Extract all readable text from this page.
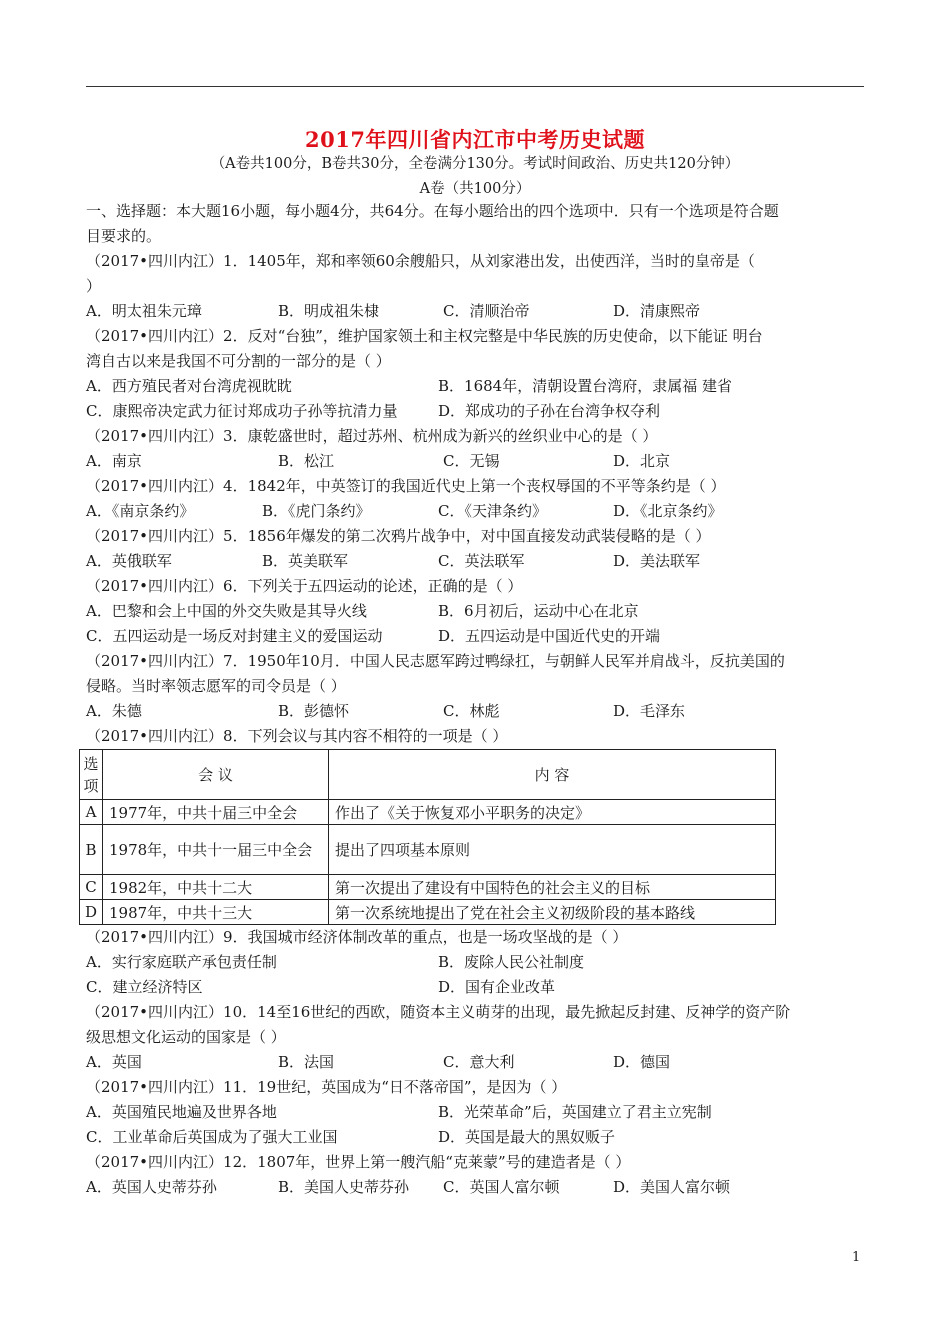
2017年四川省内江市中考历史试题
（A卷共100分，B卷共30分，全卷满分130分。考试时间政治、历史共120分钟）
A卷（共100分）
一、选择题：本大题16小题，每小题4分，共64分。在每小题给出的四个选项中．只有一个选项是符合题
目要求的。
（2017•四川内江）1．1405年，郑和率领60余艘船只，从刘家港出发，出使西洋，当时的皇帝是（
）
A．明太祖朱元璋	B．明成祖朱棣	C．清顺治帝	D．清康熙帝
（2017•四川内江）2．反对“台独”，维护国家领土和主权完整是中华民族的历史使命，以下能证 明台
湾自古以来是我国不可分割的一部分的是（ ）
A．西方殖民者对台湾虎视眈眈	B．1684年，清朝设置台湾府，隶属福 建省
C．康熙帝决定武力征讨郑成功子孙等抗清力量	D．郑成功的子孙在台湾争权夺利
（2017•四川内江）3．康乾盛世时，超过苏州、杭州成为新兴的丝织业中心的是（ ）
A．南京	B．松江	C．无锡	D．北京
（2017•四川内江）4．1842年，中英签订的我国近代史上第一个丧权辱国的不平等条约是（ ）
A．《南京条约》	B．《虎门条约》	C．《天津条约》	D．《北京条约》
（2017•四川内江）5．1856年爆发的第二次鸦片战争中，对中国直接发动武装侵略的是（ ）
A．英俄联军	B．英美联军	C．英法联军	D．美法联军
（2017•四川内江）6．下列关于五四运动的论述，正确的是（ ）
A．巴黎和会上中国的外交失败是其导火线	B．6月初后，运动中心在北京
C．五四运动是一场反对封建主义的爱国运动	D．五四运动是中国近代史的开端
（2017•四川内江）7．1950年10月．中国人民志愿军跨过鸭绿扛，与朝鲜人民军并肩战斗，反抗美国的
侵略。当时率领志愿军的司令员是（ ）
A．朱德	B．彭德怀	C．林彪	D．毛泽东
（2017•四川内江）8．下列会议与其内容不相符的一项是（ ）
选项	会 议	内 容
A	1977年，中共十届三中全会	作出了《关于恢复邓小平职务的决定》
B	1978年，中共十一届三中全会	提出了四项基本原则
C	1982年，中共十二大	第一次提出了建设有中国特色的社会主义的目标
D	1987年，中共十三大	第一次系统地提出了党在社会主义初级阶段的基本路线
（2017•四川内江）9．我国城市经济体制改革的重点，也是一场攻坚战的是（ ）
A．实行家庭联产承包责任制	B．废除人民公社制度
C．建立经济特区	D．国有企业改革
（2017•四川内江）10．14至16世纪的西欧，随资本主义萌芽的出现，最先掀起反封建、反神学的资产阶
级思想文化运动的国家是（ ）
A．英国	B．法国	C．意大利	D．德国
（2017•四川内江）11．19世纪，英国成为“日不落帝国”，是因为（ ）
A．英国殖民地遍及世界各地	B．光荣革命”后，英国建立了君主立宪制
C．工业革命后英国成为了强大工业国	D．英国是最大的黑奴贩子
（2017•四川内江）12．1807年，世界上第一艘汽船“克莱蒙”号的建造者是（ ）
A．英国人史蒂芬孙	B．美国人史蒂芬孙	C．英国人富尔顿	D．美国人富尔顿
1
